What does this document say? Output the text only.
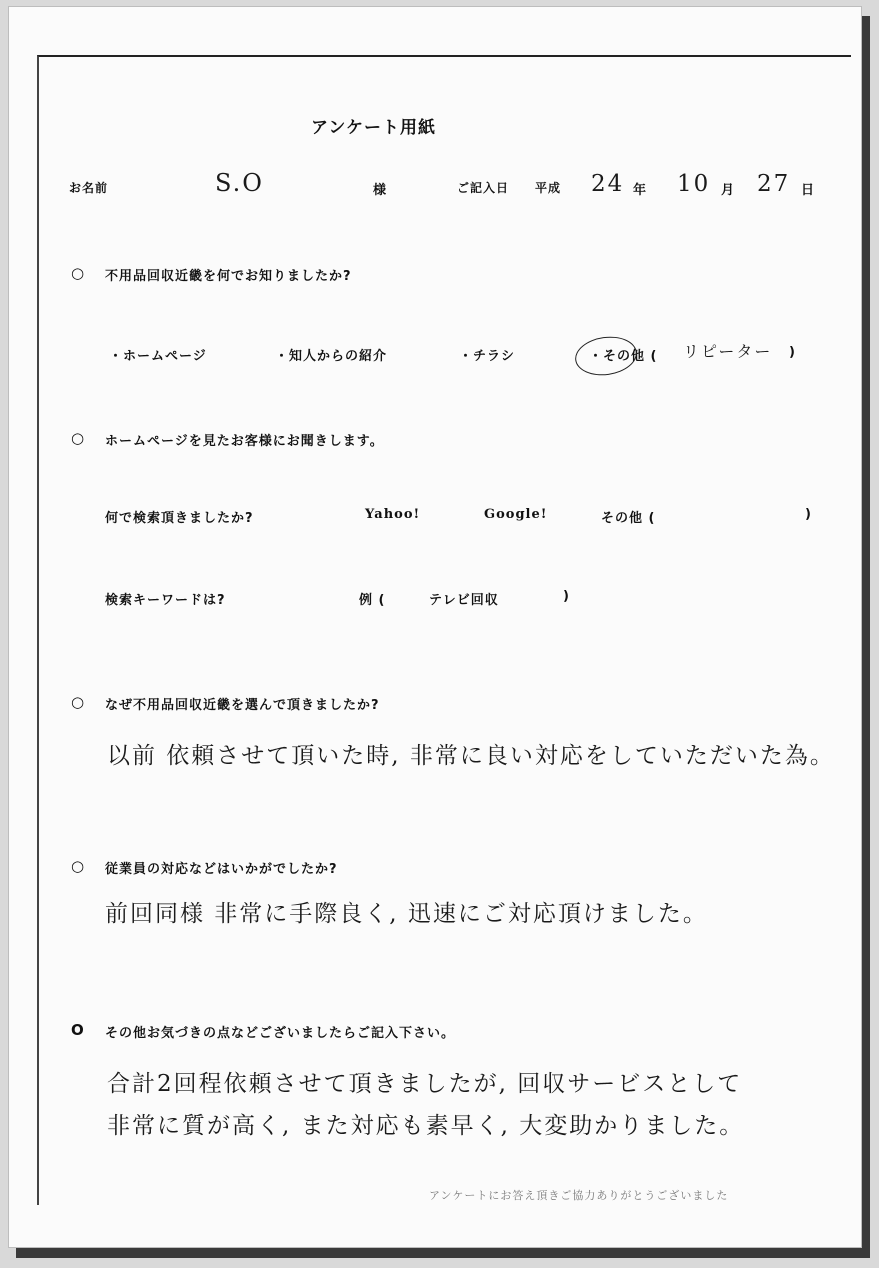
アンケート用紙
お名前	S.O	様	ご記入日 平成 24 年 10 月 27 日
○ 不用品回収近畿を何でお知りましたか?
・ホームページ	・知人からの紹介	・チラシ	・その他 ( リピーター )
○ ホームページを見たお客様にお聞きします。
何で検索頂きましたか?	Yahoo!	Google!	その他 (	)
検索キーワードは?	例 (	テレビ回収	)
○ なぜ不用品回収近畿を選んで頂きましたか?
以前 依頼させて頂いた時, 非常に良い対応をしていただいた為。
○ 従業員の対応などはいかがでしたか?
前回同様 非常に手際良く, 迅速にご対応頂けました。
O その他お気づきの点などございましたらご記入下さい。
合計2回程依頼させて頂きましたが, 回収サービスとして
非常に質が高く, また対応も素早く, 大変助かりました。
アンケートにお答え頂きご協力ありがとうございました
